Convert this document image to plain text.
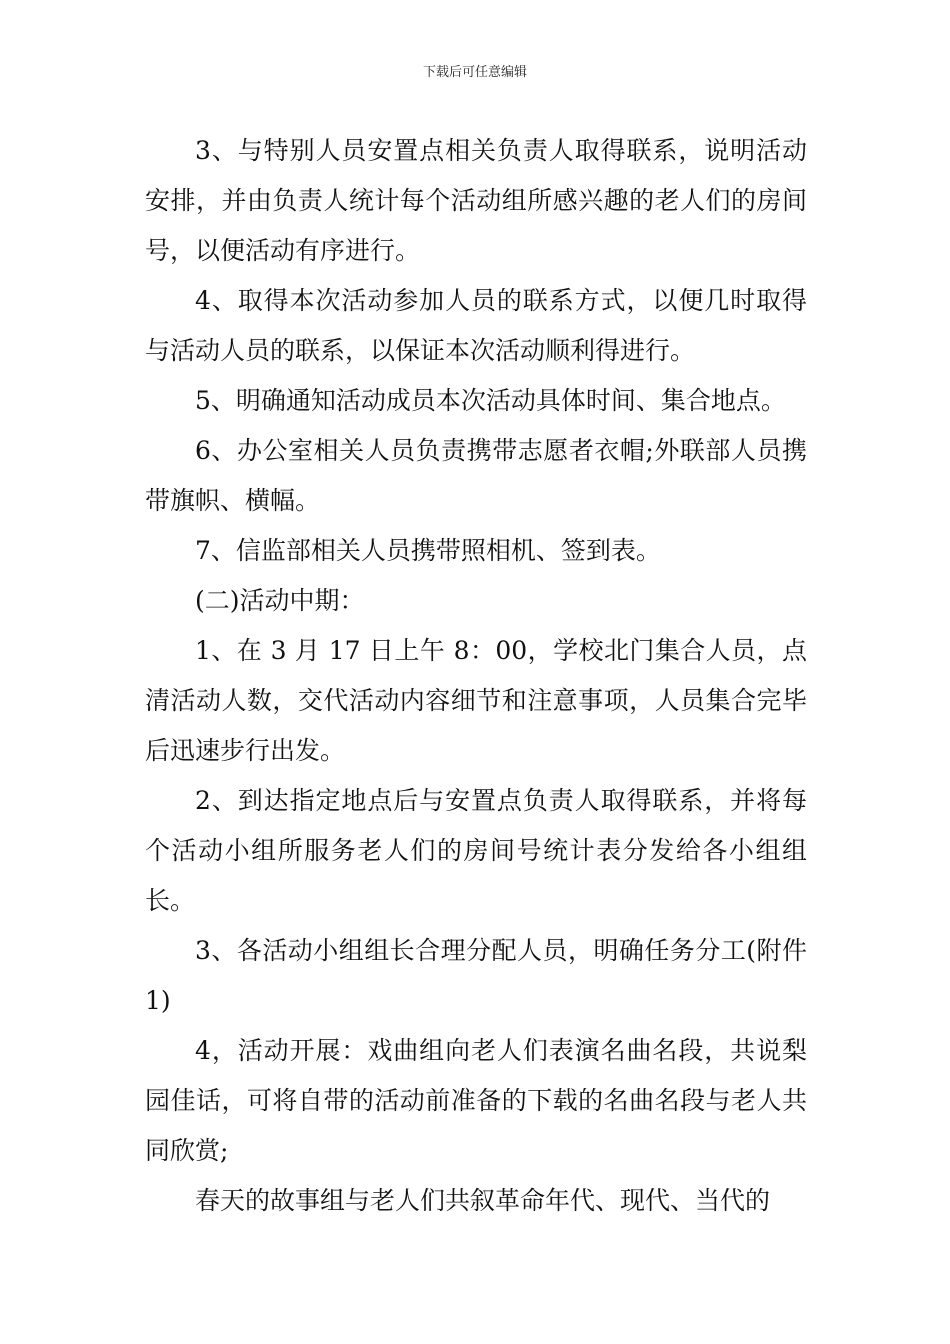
下载后可任意编辑

3、与特别人员安置点相关负责人取得联系，说明活动安排，并由负责人统计每个活动组所感兴趣的老人们的房间号，以便活动有序进行。

4、取得本次活动参加人员的联系方式，以便几时取得与活动人员的联系，以保证本次活动顺利得进行。

5、明确通知活动成员本次活动具体时间、集合地点。

6、办公室相关人员负责携带志愿者衣帽;外联部人员携带旗帜、横幅。

7、信监部相关人员携带照相机、签到表。

(二)活动中期：

1、在 3 月 17 日上午 8：00，学校北门集合人员，点清活动人数，交代活动内容细节和注意事项，人员集合完毕后迅速步行出发。

2、到达指定地点后与安置点负责人取得联系，并将每个活动小组所服务老人们的房间号统计表分发给各小组组长。

3、各活动小组组长合理分配人员，明确任务分工(附件 1)

4，活动开展：戏曲组向老人们表演名曲名段，共说梨园佳话，可将自带的活动前准备的下载的名曲名段与老人共同欣赏;

春天的故事组与老人们共叙革命年代、现代、当代的
